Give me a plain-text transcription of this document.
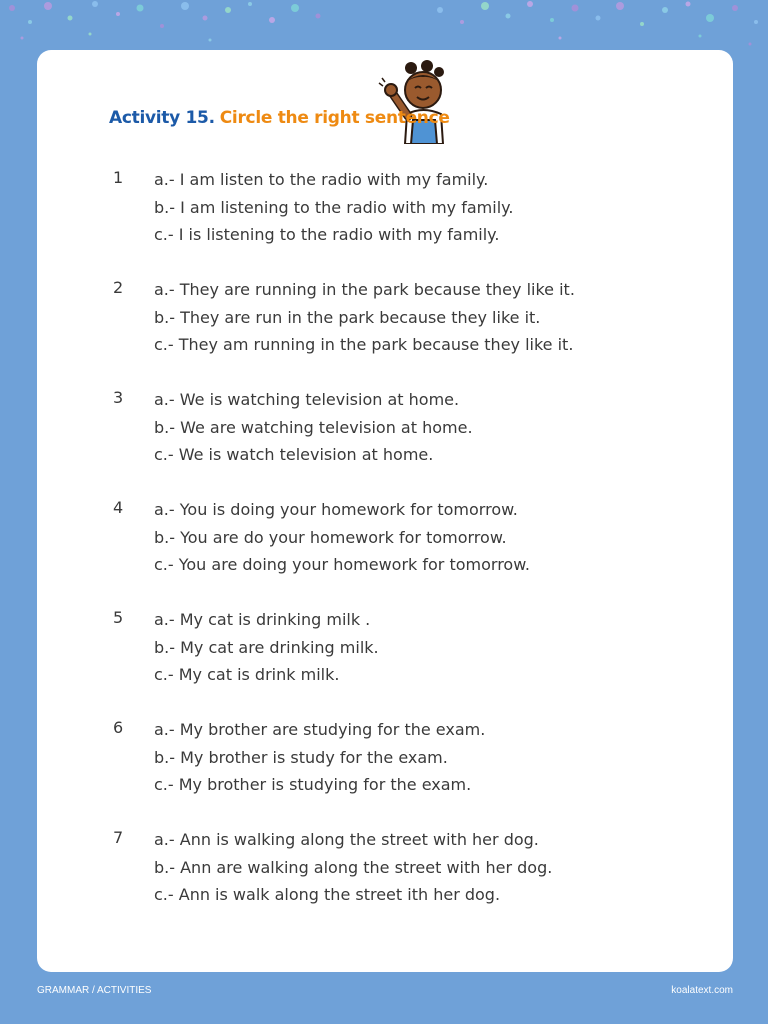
Activity 15. Circle the right sentence
1 a.- I am listen to the radio with my family.
b.- I am listening to the radio with my family.
c.- I is listening to the radio with my family.
2 a.- They are running in the park because they like it.
b.- They are run in the park because they like it.
c.- They am running in the park because they like it.
3 a.- We is watching television at home.
b.- We are watching television at home.
c.- We is watch television at home.
4 a.- You is doing your homework for tomorrow.
b.- You are do your homework for tomorrow.
c.- You are doing your homework for tomorrow.
5 a.- My cat is drinking milk .
b.- My cat are drinking milk.
c.- My cat is drink milk.
6 a.- My brother are studying for the exam.
b.- My brother is study for the exam.
c.- My brother is studying for the exam.
7 a.- Ann is walking along the street with her dog.
b.- Ann are walking along the street with her dog.
c.- Ann is walk along the street ith her dog.
GRAMMAR / ACTIVITIES	koalatext.com
